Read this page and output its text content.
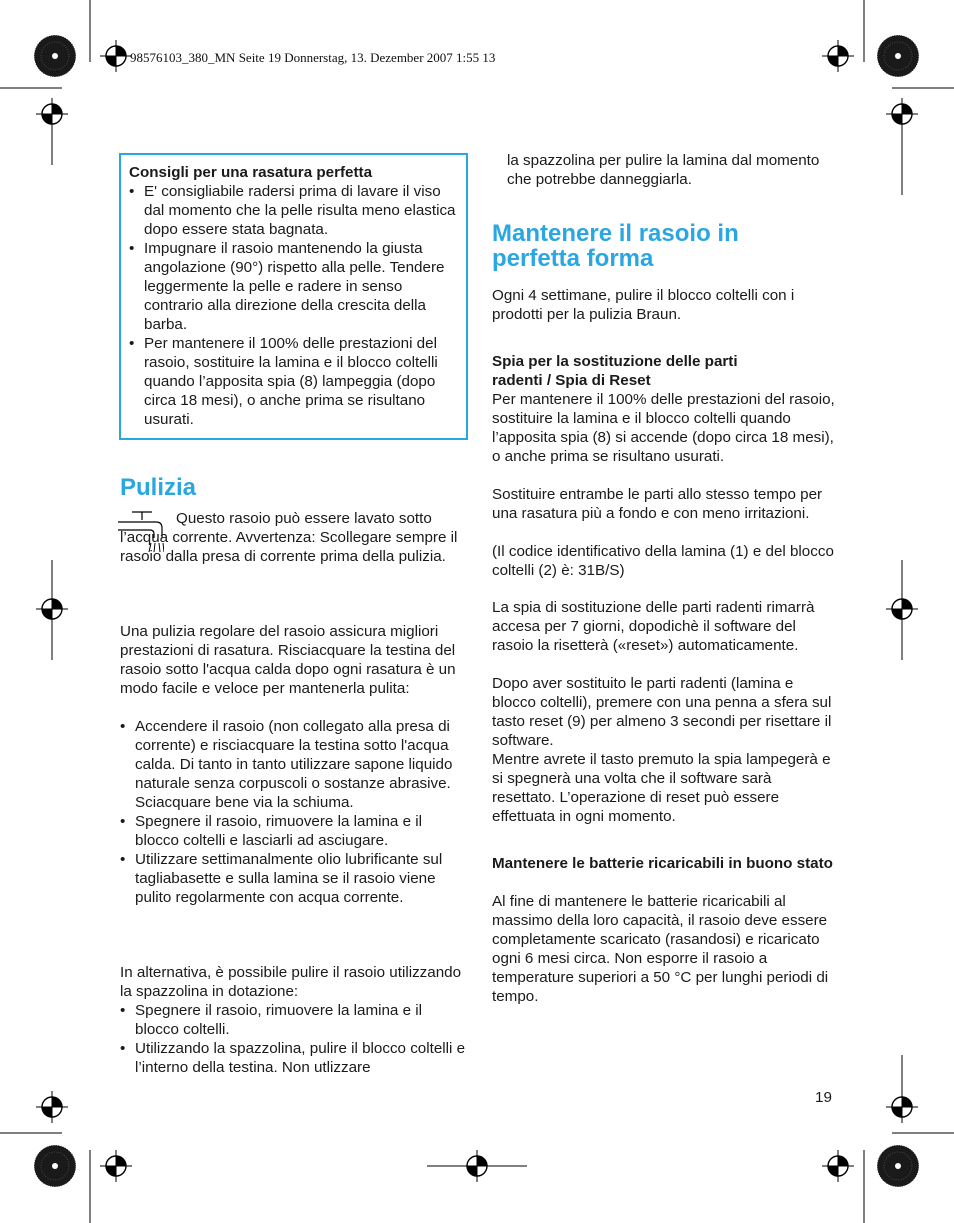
98576103_380_MN Seite 19 Donnerstag, 13. Dezember 2007 1:55 13
Consigli per una rasatura perfetta
• E' consigliabile radersi prima di lavare il viso dal momento che la pelle risulta meno elastica dopo essere stata bagnata.
• Impugnare il rasoio mantenendo la giusta angolazione (90°) rispetto alla pelle. Tendere leggermente la pelle e radere in senso contrario alla direzione della crescita della barba.
• Per mantenere il 100% delle prestazioni del rasoio, sostituire la lamina e il blocco coltelli quando l’apposita spia (8) lampeggia (dopo circa 18 mesi), o anche prima se risultano usurati.
Pulizia
Questo rasoio può essere lavato sotto l’acqua corrente. Avvertenza: Scollegare sempre il rasoio dalla presa di corrente prima della pulizia.
Una pulizia regolare del rasoio assicura migliori prestazioni di rasatura. Risciacquare la testina del rasoio sotto l'acqua calda dopo ogni rasatura è un modo facile e veloce per mantenerla pulita:
• Accendere il rasoio (non collegato alla presa di corrente) e risciacquare la testina sotto l'acqua calda. Di tanto in tanto utilizzare sapone liquido naturale senza corpuscoli o sostanze abrasive. Sciacquare bene via la schiuma.
• Spegnere il rasoio, rimuovere la lamina e il blocco coltelli e lasciarli ad asciugare.
• Utilizzare settimanalmente olio lubrificante sul tagliabasette e sulla lamina se il rasoio viene pulito regolarmente con acqua corrente.
In alternativa, è possibile pulire il rasoio utilizzando la spazzolina in dotazione:
• Spegnere il rasoio, rimuovere la lamina e il blocco coltelli.
• Utilizzando la spazzolina, pulire il blocco coltelli e l’interno della testina. Non utlizzare
la spazzolina per pulire la lamina dal momento che potrebbe danneggiarla.
Mantenere il rasoio in perfetta forma
Ogni 4 settimane, pulire il blocco coltelli con i prodotti per la pulizia Braun.
Spia per la sostituzione delle parti radenti / Spia di Reset
Per mantenere il 100% delle prestazioni del rasoio, sostituire la lamina e il blocco coltelli quando l’apposita spia (8) si accende (dopo circa 18 mesi), o anche prima se risultano usurati.
Sostituire entrambe le parti allo stesso tempo per una rasatura più a fondo e con meno irritazioni.
(Il codice identificativo della lamina (1) e del blocco coltelli (2) è: 31B/S)
La spia di sostituzione delle parti radenti rimarrà accesa per 7 giorni, dopodichè il software del rasoio la risetterà («reset») automaticamente.
Dopo aver sostituito le parti radenti (lamina e blocco coltelli), premere con una penna a sfera sul tasto reset (9) per almeno 3 secondi per risettare il software.
Mentre avrete il tasto premuto la spia lampegerà e si spegnerà una volta che il software sarà resettato. L’operazione di reset può essere effettuata in ogni momento.
Mantenere le batterie ricaricabili in buono stato
Al fine di mantenere le batterie ricaricabili al massimo della loro capacità, il rasoio deve essere completamente scaricato (rasandosi) e ricaricato ogni 6 mesi circa. Non esporre il rasoio a temperature superiori a 50 °C per lunghi periodi di tempo.
19
